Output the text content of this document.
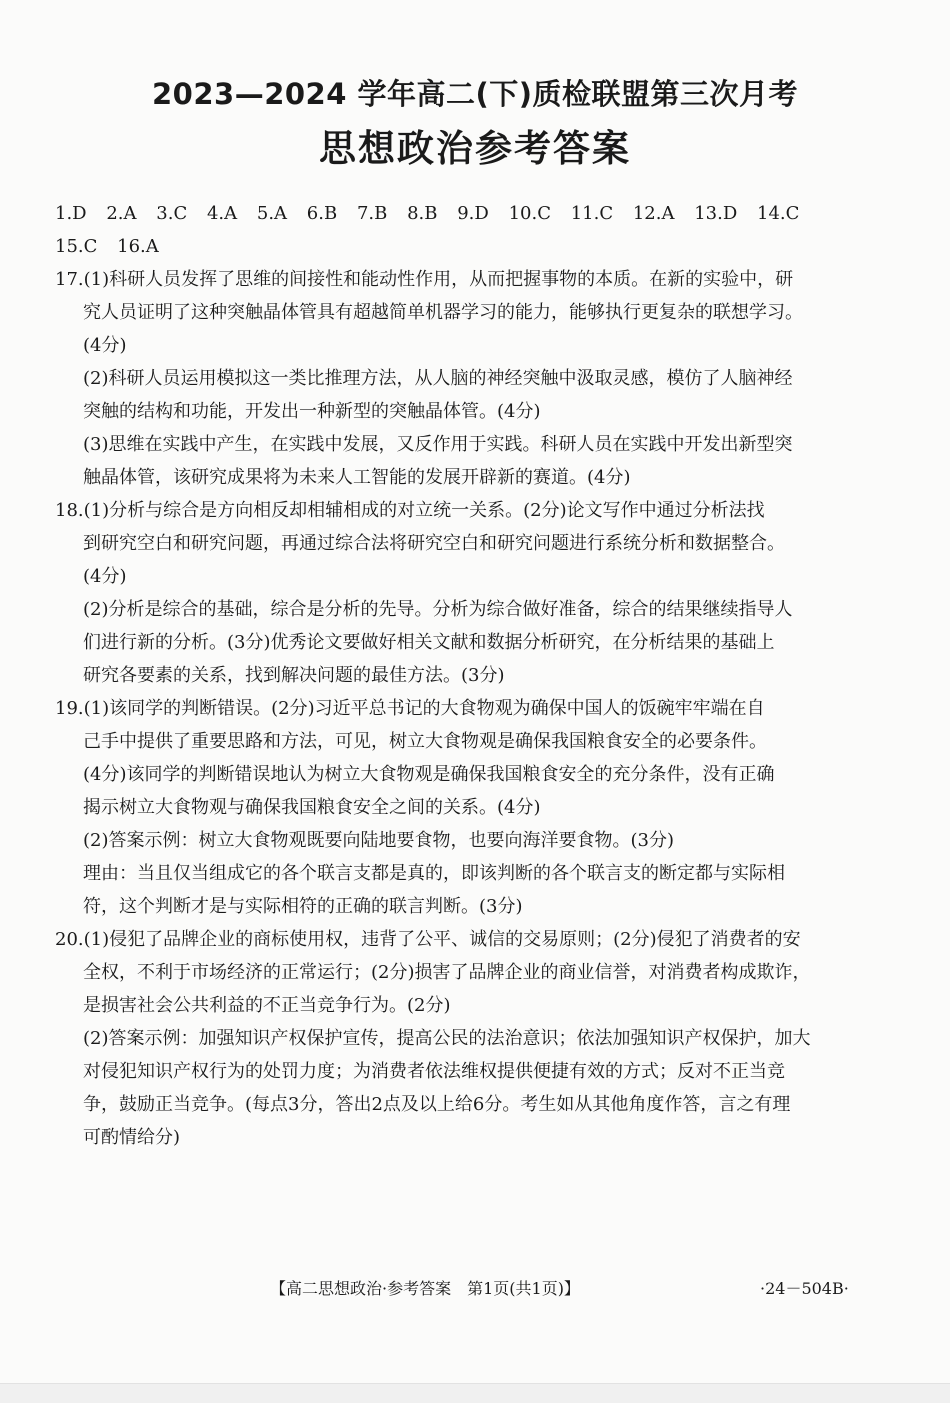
2023—2024 学年高二(下)质检联盟第三次月考
思想政治参考答案
1.D 2.A 3.C 4.A 5.A 6.B 7.B 8.B 9.D 10.C 11.C 12.A 13.D 14.C
15.C 16.A
17.(1)科研人员发挥了思维的间接性和能动性作用，从而把握事物的本质。在新的实验中，研
究人员证明了这种突触晶体管具有超越简单机器学习的能力，能够执行更复杂的联想学习。
(4分)
(2)科研人员运用模拟这一类比推理方法，从人脑的神经突触中汲取灵感，模仿了人脑神经
突触的结构和功能，开发出一种新型的突触晶体管。(4分)
(3)思维在实践中产生，在实践中发展，又反作用于实践。科研人员在实践中开发出新型突
触晶体管，该研究成果将为未来人工智能的发展开辟新的赛道。(4分)
18.(1)分析与综合是方向相反却相辅相成的对立统一关系。(2分)论文写作中通过分析法找
到研究空白和研究问题，再通过综合法将研究空白和研究问题进行系统分析和数据整合。
(4分)
(2)分析是综合的基础，综合是分析的先导。分析为综合做好准备，综合的结果继续指导人
们进行新的分析。(3分)优秀论文要做好相关文献和数据分析研究，在分析结果的基础上
研究各要素的关系，找到解决问题的最佳方法。(3分)
19.(1)该同学的判断错误。(2分)习近平总书记的大食物观为确保中国人的饭碗牢牢端在自
己手中提供了重要思路和方法，可见，树立大食物观是确保我国粮食安全的必要条件。
(4分)该同学的判断错误地认为树立大食物观是确保我国粮食安全的充分条件，没有正确
揭示树立大食物观与确保我国粮食安全之间的关系。(4分)
(2)答案示例：树立大食物观既要向陆地要食物，也要向海洋要食物。(3分)
理由：当且仅当组成它的各个联言支都是真的，即该判断的各个联言支的断定都与实际相
符，这个判断才是与实际相符的正确的联言判断。(3分)
20.(1)侵犯了品牌企业的商标使用权，违背了公平、诚信的交易原则；(2分)侵犯了消费者的安
全权，不利于市场经济的正常运行；(2分)损害了品牌企业的商业信誉，对消费者构成欺诈，
是损害社会公共利益的不正当竞争行为。(2分)
(2)答案示例：加强知识产权保护宣传，提高公民的法治意识；依法加强知识产权保护，加大
对侵犯知识产权行为的处罚力度；为消费者依法维权提供便捷有效的方式；反对不正当竞
争，鼓励正当竞争。(每点3分，答出2点及以上给6分。考生如从其他角度作答，言之有理
可酌情给分)
【高二思想政治·参考答案　第1页(共1页)】	·24－504B·
